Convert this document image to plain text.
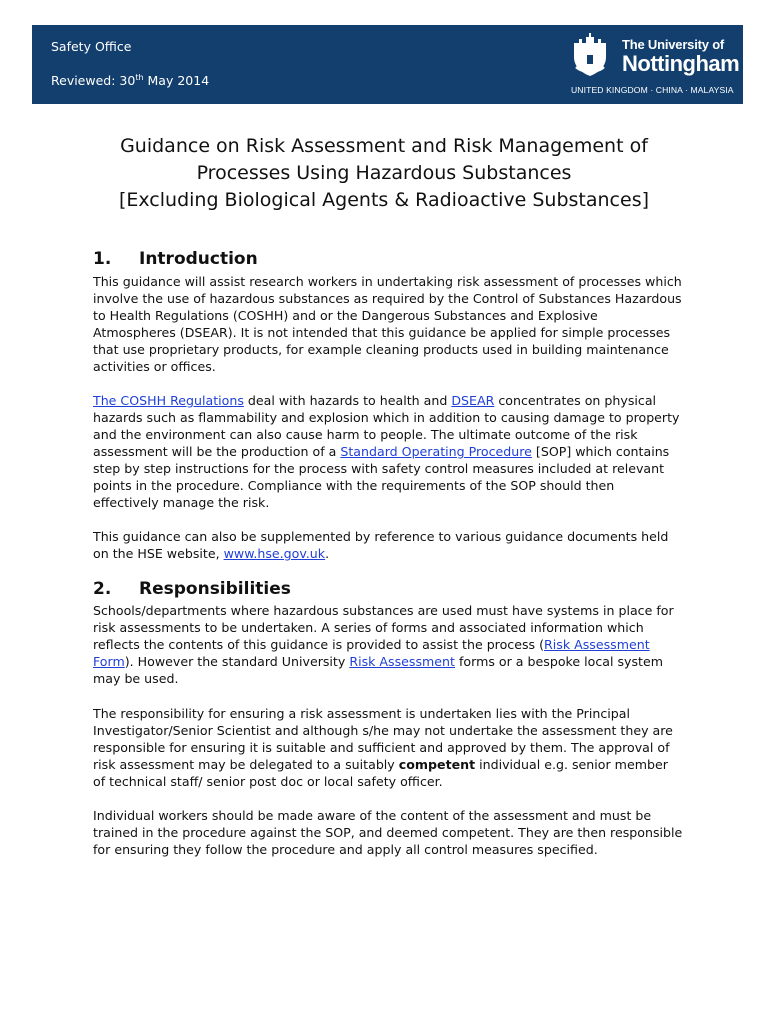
Safety Office
Reviewed: 30th May 2014
The University of
Nottingham
UNITED KINGDOM · CHINA · MALAYSIA
Guidance on Risk Assessment and Risk Management of
Processes Using Hazardous Substances
[Excluding Biological Agents & Radioactive Substances]
1. Introduction

This guidance will assist research workers in undertaking risk assessment of processes which involve the use of hazardous substances as required by the Control of Substances Hazardous to Health Regulations (COSHH) and or the Dangerous Substances and Explosive Atmospheres (DSEAR). It is not intended that this guidance be applied for simple processes that use proprietary products, for example cleaning products used in building maintenance activities or offices.

The COSHH Regulations deal with hazards to health and DSEAR concentrates on physical hazards such as flammability and explosion which in addition to causing damage to property and the environment can also cause harm to people. The ultimate outcome of the risk assessment will be the production of a Standard Operating Procedure [SOP] which contains step by step instructions for the process with safety control measures included at relevant points in the procedure. Compliance with the requirements of the SOP should then effectively manage the risk.

This guidance can also be supplemented by reference to various guidance documents held on the HSE website, www.hse.gov.uk.

2. Responsibilities

Schools/departments where hazardous substances are used must have systems in place for risk assessments to be undertaken. A series of forms and associated information which reflects the contents of this guidance is provided to assist the process (Risk Assessment Form). However the standard University Risk Assessment forms or a bespoke local system may be used.

The responsibility for ensuring a risk assessment is undertaken lies with the Principal Investigator/Senior Scientist and although s/he may not undertake the assessment they are responsible for ensuring it is suitable and sufficient and approved by them. The approval of risk assessment may be delegated to a suitably competent individual e.g. senior member of technical staff/ senior post doc or local safety officer.

Individual workers should be made aware of the content of the assessment and must be trained in the procedure against the SOP, and deemed competent. They are then responsible for ensuring they follow the procedure and apply all control measures specified.
